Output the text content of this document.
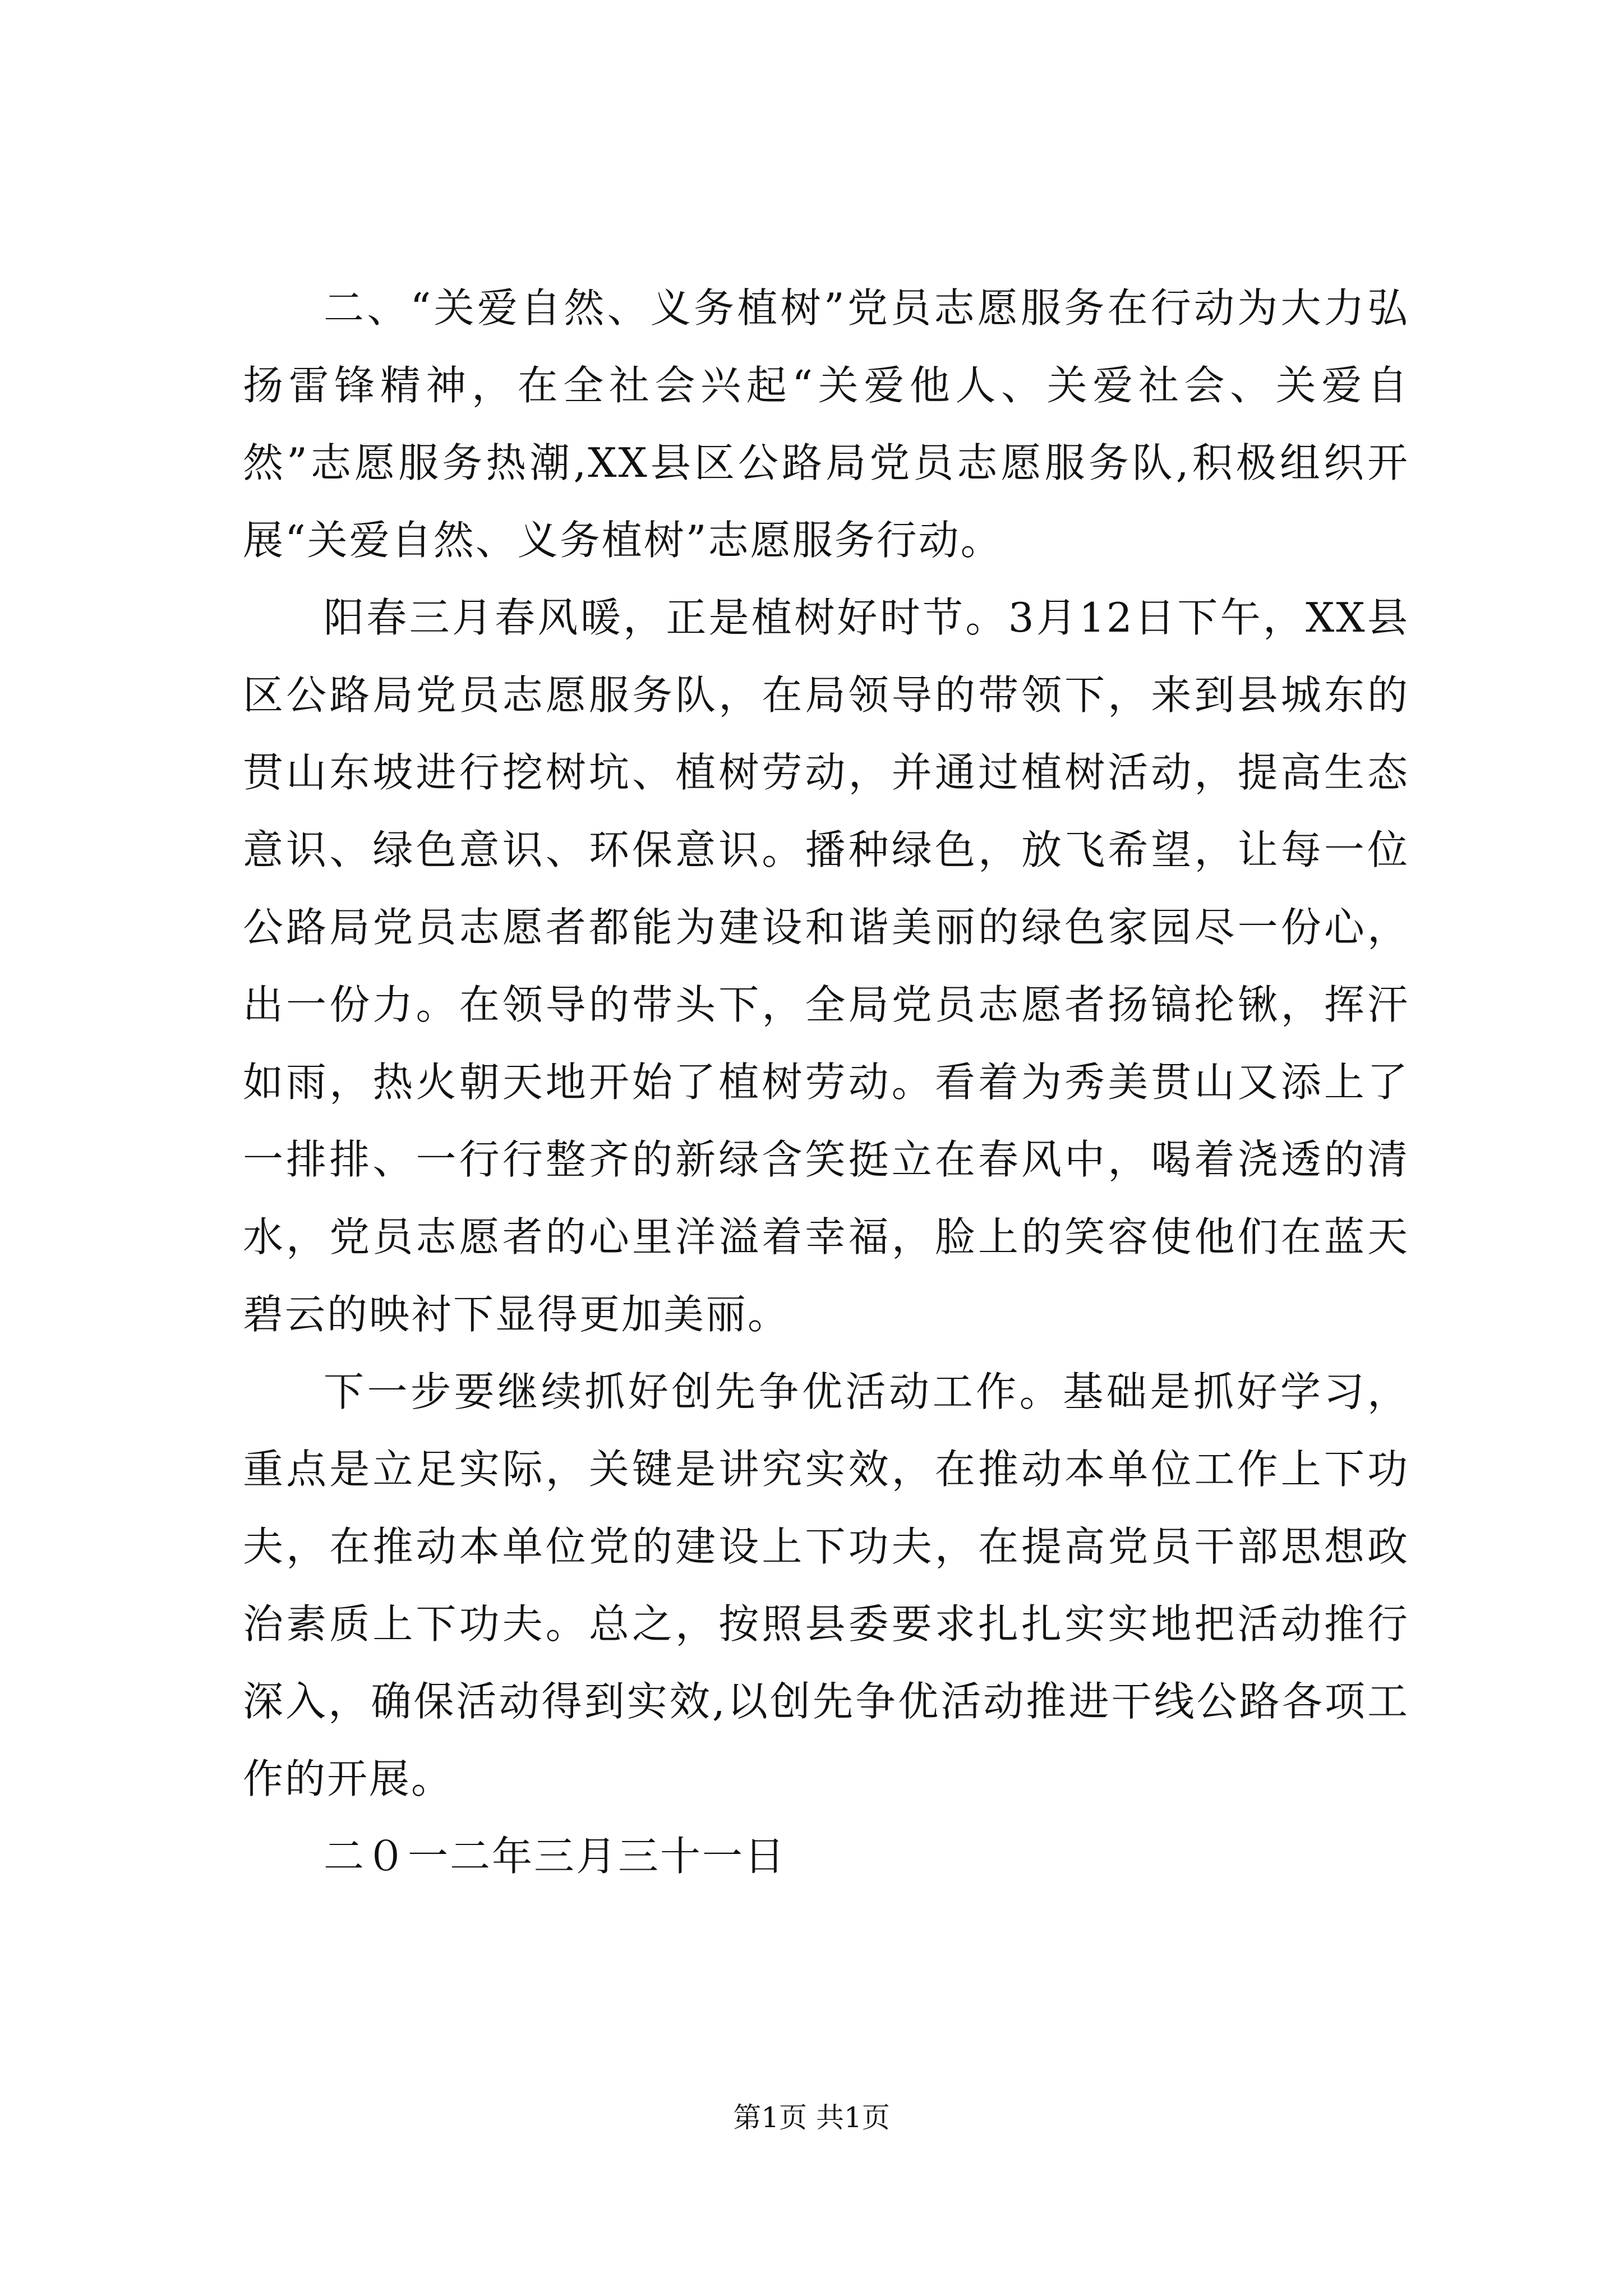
二、“关爱自然、义务植树”党员志愿服务在行动为大力弘扬雷锋精神，在全社会兴起“关爱他人、关爱社会、关爱自然”志愿服务热潮,XX县区公路局党员志愿服务队,积极组织开展“关爱自然、义务植树”志愿服务行动。

阳春三月春风暖，正是植树好时节。3月12日下午，XX县区公路局党员志愿服务队，在局领导的带领下，来到县城东的贯山东坡进行挖树坑、植树劳动，并通过植树活动，提高生态意识、绿色意识、环保意识。播种绿色，放飞希望，让每一位公路局党员志愿者都能为建设和谐美丽的绿色家园尽一份心，出一份力。在领导的带头下，全局党员志愿者扬镐抡锹，挥汗如雨，热火朝天地开始了植树劳动。看着为秀美贯山又添上了一排排、一行行整齐的新绿含笑挺立在春风中，喝着浇透的清水，党员志愿者的心里洋溢着幸福，脸上的笑容使他们在蓝天碧云的映衬下显得更加美丽。

下一步要继续抓好创先争优活动工作。基础是抓好学习，重点是立足实际，关键是讲究实效，在推动本单位工作上下功夫，在推动本单位党的建设上下功夫，在提高党员干部思想政治素质上下功夫。总之，按照县委要求扎扎实实地把活动推行深入，确保活动得到实效,以创先争优活动推进干线公路各项工作的开展。

二０一二年三月三十一日

第1页 共1页
